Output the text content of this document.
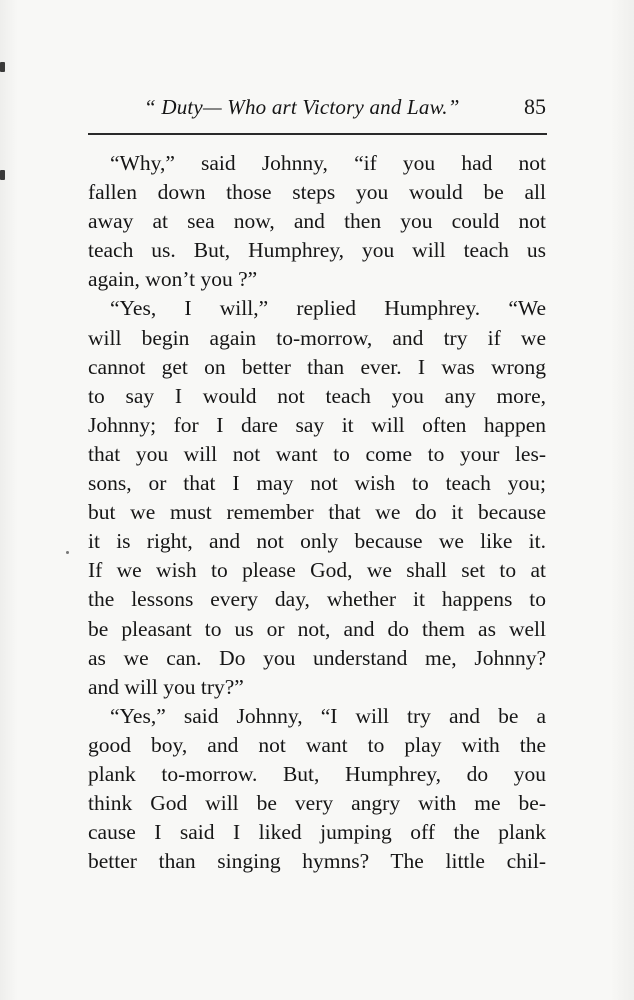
“ Duty— Who art Victory and Law.”	85
“Why,” said Johnny, “if you had not
fallen down those steps you would be all
away at sea now, and then you could not
teach us. But, Humphrey, you will teach us
again, won’t you ?”
“Yes, I will,” replied Humphrey. “We
will begin again to-morrow, and try if we
cannot get on better than ever. I was wrong
to say I would not teach you any more,
Johnny; for I dare say it will often happen
that you will not want to come to your les-
sons, or that I may not wish to teach you;
but we must remember that we do it because
it is right, and not only because we like it.
If we wish to please God, we shall set to at
the lessons every day, whether it happens to
be pleasant to us or not, and do them as well
as we can. Do you understand me, Johnny?
and will you try?”
“Yes,” said Johnny, “I will try and be a
good boy, and not want to play with the
plank to-morrow. But, Humphrey, do you
think God will be very angry with me be-
cause I said I liked jumping off the plank
better than singing hymns? The little chil-
